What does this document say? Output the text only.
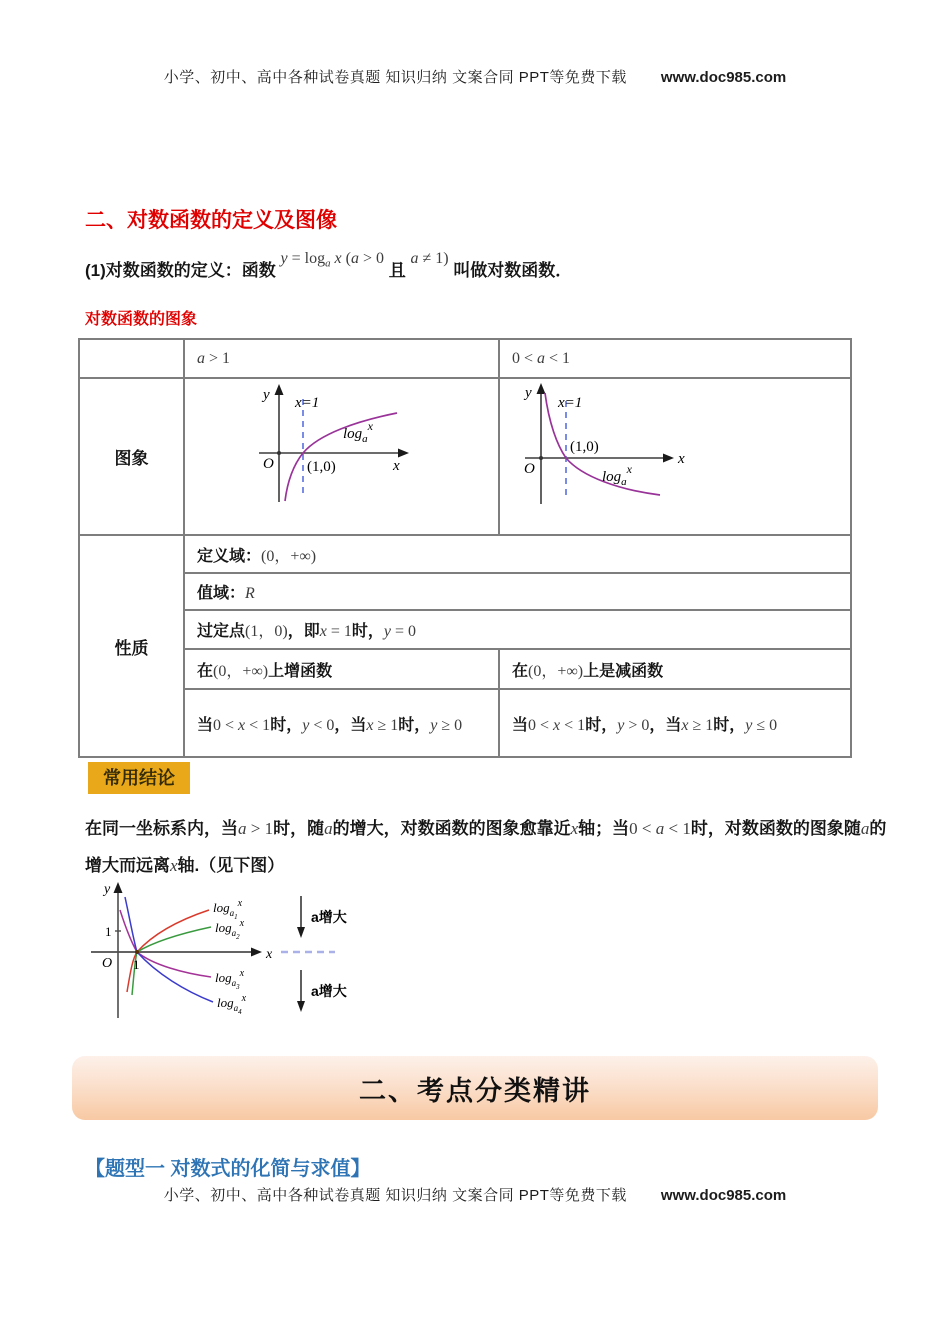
小学、初中、高中各种试卷真题 知识归纳 文案合同 PPT等免费下载 www.doc985.com
二、对数函数的定义及图像
(1)对数函数的定义：函数 $y = \log_a x$ (a > 0 且 a ≠ 1) 叫做对数函数．
对数函数的图象
	a > 1	0 < a < 1
图象	
y x=1
$\log_a^x$
O (1,0)	x

y
x=1
(1,0)
$\log_a^x$
O
x

性质	定义域：(0，+∞)	
	值域：R	
	过定点(1，0)，即x = 1时，y = 0	
	在(0，+∞)上增函数	在(0，+∞)上是减函数
	当0 < x < 1时，y < 0，当x ≥ 1时，y ≥ 0	当0 < x < 1时，y > 0，当x ≥ 1时，y ≤ 0
常用结论
在同一坐标系内，当a > 1时，随a的增大，对数函数的图象愈靠近x轴；当0 < a < 1时，对数函数的图象随a的增大而远离x轴.（见下图）
y
1
O 1
x
$\log_{a1}^x$
$\log_{a2}^x$
$\log_{a3}^x$
$\log_{a4}^x$
a增大
a增大
二、考点分类精讲
【题型一 对数式的化简与求值】
小学、初中、高中各种试卷真题 知识归纳 文案合同 PPT等免费下载 www.doc985.com
